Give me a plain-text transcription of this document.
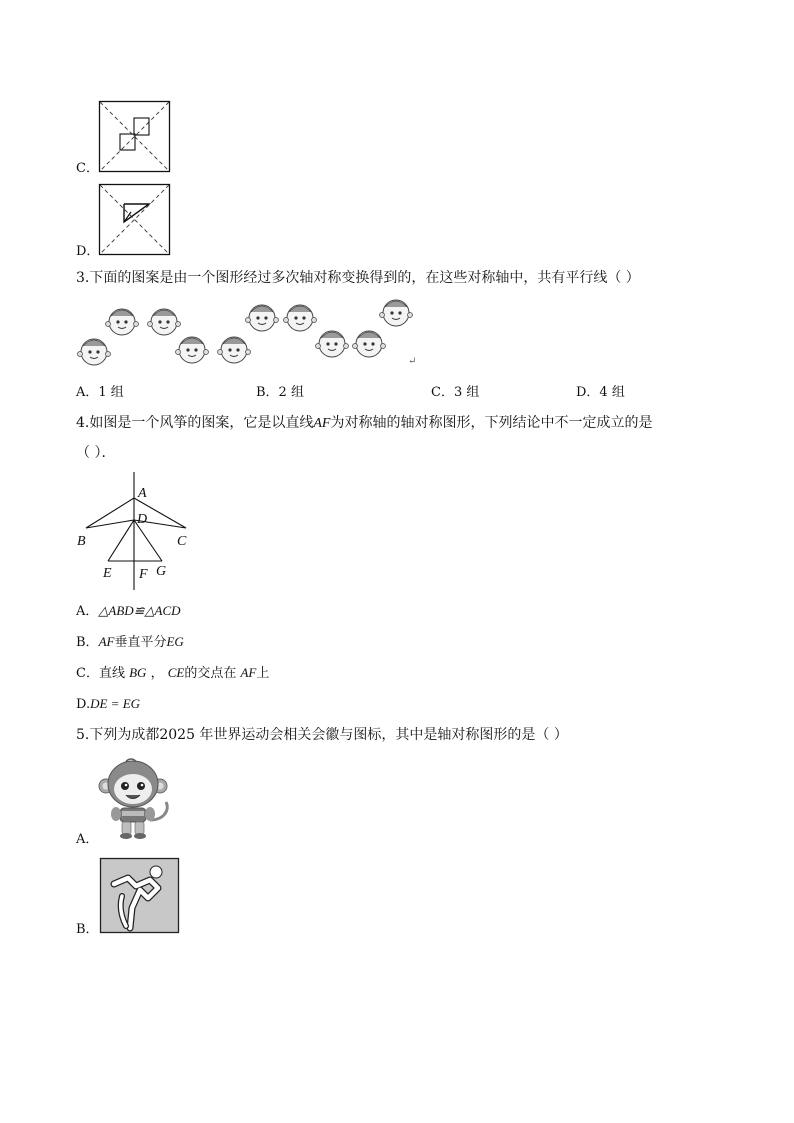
C．
D．
3.下面的图案是由一个图形经过多次轴对称变换得到的，在这些对称轴中，共有平行线（ ）
↵
A．1 组	B．2 组	C．3 组	D．4 组
4.如图是一个风筝的图案，它是以直线AF为对称轴的轴对称图形，下列结论中不一定成立的是
（ ）．
A
D
B	C
E F G
A．△ABD≌△ACD
B．AF垂直平分EG
C．直线 BG ， CE的交点在 AF上
D.DE = EG
5.下列为成都2025 年世界运动会相关会徽与图标，其中是轴对称图形的是（ ）
A．
B．
